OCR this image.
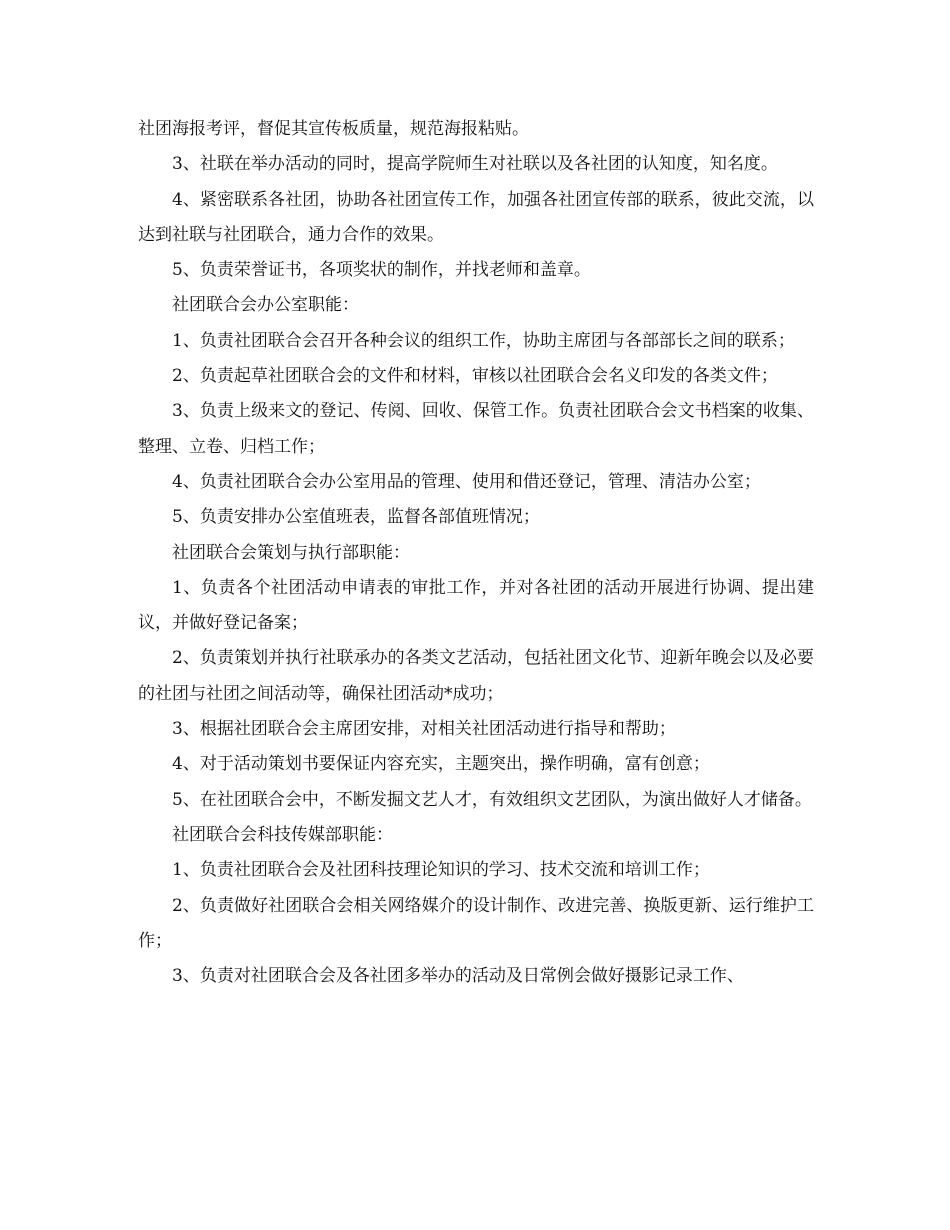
社团海报考评，督促其宣传板质量，规范海报粘贴。

3、社联在举办活动的同时，提高学院师生对社联以及各社团的认知度，知名度。

4、紧密联系各社团，协助各社团宣传工作，加强各社团宣传部的联系，彼此交流，以达到社联与社团联合，通力合作的效果。

5、负责荣誉证书，各项奖状的制作，并找老师和盖章。

社团联合会办公室职能：

1、负责社团联合会召开各种会议的组织工作，协助主席团与各部部长之间的联系；

2、负责起草社团联合会的文件和材料，审核以社团联合会名义印发的各类文件；

3、负责上级来文的登记、传阅、回收、保管工作。负责社团联合会文书档案的收集、整理、立卷、归档工作；

4、负责社团联合会办公室用品的管理、使用和借还登记，管理、清洁办公室；

5、负责安排办公室值班表，监督各部值班情况；

社团联合会策划与执行部职能：

1、负责各个社团活动申请表的审批工作，并对各社团的活动开展进行协调、提出建议，并做好登记备案；

2、负责策划并执行社联承办的各类文艺活动，包括社团文化节、迎新年晚会以及必要的社团与社团之间活动等，确保社团活动*成功；

3、根据社团联合会主席团安排，对相关社团活动进行指导和帮助；

4、对于活动策划书要保证内容充实，主题突出，操作明确，富有创意；

5、在社团联合会中，不断发掘文艺人才，有效组织文艺团队，为演出做好人才储备。

社团联合会科技传媒部职能：

1、负责社团联合会及社团科技理论知识的学习、技术交流和培训工作；

2、负责做好社团联合会相关网络媒介的设计制作、改进完善、换版更新、运行维护工作；

3、负责对社团联合会及各社团多举办的活动及日常例会做好摄影记录工作、
